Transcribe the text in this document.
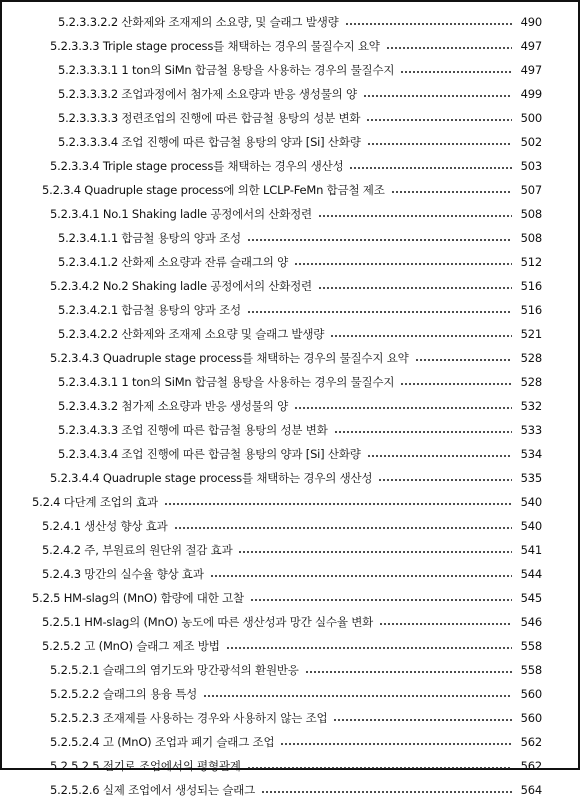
5.2.3.3.2.2 산화제와 조재제의 소요량, 및 슬래그 발생량	490
5.2.3.3.3 Triple stage process를 채택하는 경우의 물질수지 요약	497
5.2.3.3.3.1 1 ton의 SiMn 합금철 용탕을 사용하는 경우의 물질수지	497
5.2.3.3.3.2 조업과정에서 첨가제 소요량과 반응 생성물의 양	499
5.2.3.3.3.3 정련조업의 진행에 따른 합금철 용탕의 성분 변화	500
5.2.3.3.3.4 조업 진행에 따른 합금철 용탕의 양과 [Si] 산화량	502
5.2.3.3.4 Triple stage process를 채택하는 경우의 생산성	503
5.2.3.4 Quadruple stage process에 의한 LCLP-FeMn 합금철 제조	507
5.2.3.4.1 No.1 Shaking ladle 공정에서의 산화정련	508
5.2.3.4.1.1 합금철 용탕의 양과 조성	508
5.2.3.4.1.2 산화제 소요량과 잔류 슬래그의 양	512
5.2.3.4.2 No.2 Shaking ladle 공정에서의 산화정련	516
5.2.3.4.2.1 합금철 용탕의 양과 조성	516
5.2.3.4.2.2 산화제와 조재제 소요량 및 슬래그 발생량	521
5.2.3.4.3 Quadruple stage process를 채택하는 경우의 물질수지 요약	528
5.2.3.4.3.1 1 ton의 SiMn 합금철 용탕을 사용하는 경우의 물질수지	528
5.2.3.4.3.2 첨가제 소요량과 반응 생성물의 양	532
5.2.3.4.3.3 조업 진행에 따른 합금철 용탕의 성분 변화	533
5.2.3.4.3.4 조업 진행에 따른 합금철 용탕의 양과 [Si] 산화량	534
5.2.3.4.4 Quadruple stage process를 채택하는 경우의 생산성	535
5.2.4 다단계 조업의 효과	540
5.2.4.1 생산성 향상 효과	540
5.2.4.2 주, 부원료의 원단위 절감 효과	541
5.2.4.3 망간의 실수율 향상 효과	544
5.2.5 HM-slag의 (MnO) 함량에 대한 고찰	545
5.2.5.1 HM-slag의 (MnO) 농도에 따른 생산성과 망간 실수율 변화	546
5.2.5.2 고 (MnO) 슬래그 제조 방법	558
5.2.5.2.1 슬래그의 염기도와 망간광석의 환원반응	558
5.2.5.2.2 슬래그의 용융 특성	560
5.2.5.2.3 조재제를 사용하는 경우와 사용하지 않는 조업	560
5.2.5.2.4 고 (MnO) 조업과 폐기 슬래그 조업	562
5.2.5.2.5 전기로 조업에서의 평형관계	562
5.2.5.2.6 실제 조업에서 생성되는 슬래그	564
